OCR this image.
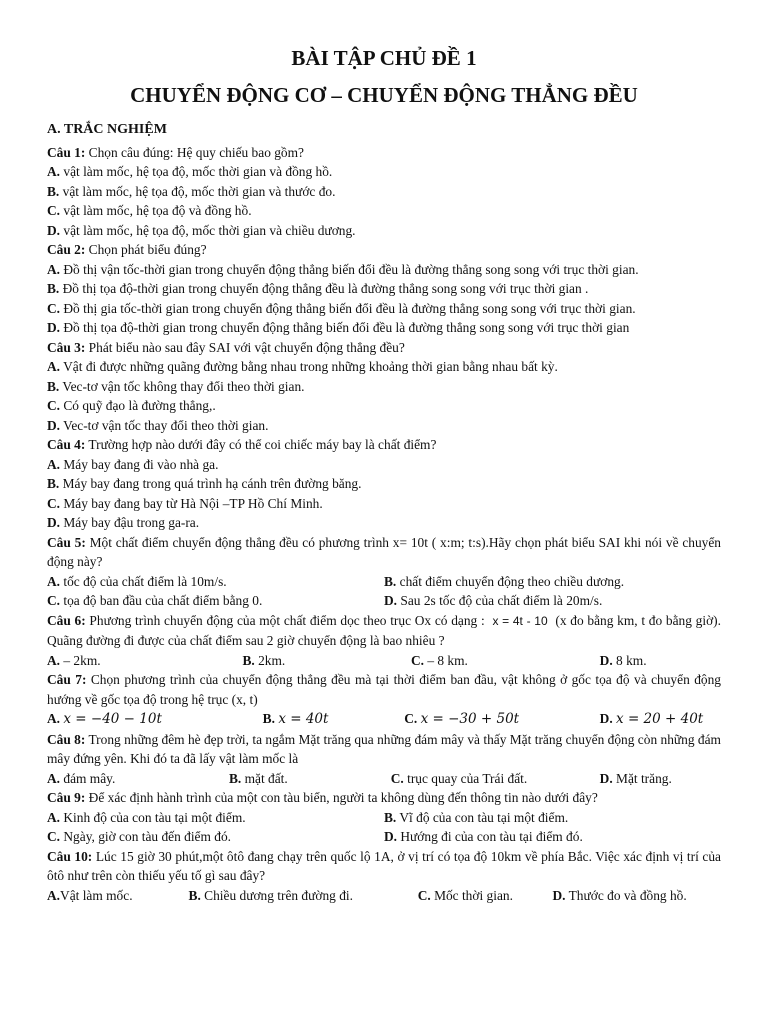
BÀI TẬP CHỦ ĐỀ 1
CHUYỂN ĐỘNG CƠ – CHUYỂN ĐỘNG THẲNG ĐỀU
A. TRẮC NGHIỆM

Câu 1: Chọn câu đúng: Hệ quy chiếu bao gồm?

A. vật làm mốc, hệ tọa độ, mốc thời gian và đồng hồ.

B. vật làm mốc, hệ tọa độ, mốc thời gian và thước đo.

C. vật làm mốc, hệ tọa độ và đồng hồ.

D. vật làm mốc, hệ tọa độ, mốc thời gian và chiều dương.

Câu 2: Chọn phát biểu đúng?

A. Đồ thị vận tốc-thời gian trong chuyển động thẳng biến đổi đều là đường thẳng song song với trục thời gian.

B. Đồ thị tọa độ-thời gian trong chuyển động thẳng đều là đường thẳng song song với trục thời gian .

C. Đồ thị gia tốc-thời gian trong chuyển động thẳng biến đổi đều là đường thẳng song song với trục thời gian.

D. Đồ thị tọa độ-thời gian trong chuyển động thẳng biến đổi đều là đường thẳng song song với trục thời gian

Câu 3: Phát biểu nào sau đây SAI với vật chuyển động thẳng đều?

A. Vật đi được những quãng đường bằng nhau trong những khoảng thời gian bằng nhau bất kỳ.

B. Vec-tơ vận tốc không thay đổi theo thời gian.

C. Có quỹ đạo là đường thẳng,.

D. Vec-tơ vận tốc thay đổi theo thời gian.

Câu 4: Trường hợp nào dưới đây có thể coi chiếc máy bay là chất điểm?

A. Máy bay đang đi vào nhà ga.

B. Máy bay đang trong quá trình hạ cánh trên đường băng.

C. Máy bay đang bay từ Hà Nội –TP Hồ Chí Minh.

D. Máy bay đậu trong ga-ra.

Câu 5: Một chất điểm chuyển động thẳng đều có phương trình x= 10t ( x:m; t:s).Hãy chọn phát biểu SAI khi nói về chuyển động này?

A. tốc độ của chất điểm là 10m/s.	B. chất điểm chuyển động theo chiều dương.
C. tọa độ ban đầu của chất điểm bằng 0.	D. Sau 2s tốc độ của chất điểm là 20m/s.

Câu 6: Phương trình chuyển động của một chất điểm dọc theo trục Ox có dạng : x = 4t - 10 (x đo bằng km, t đo bằng giờ). Quãng đường đi được của chất điểm sau 2 giờ chuyển động là bao nhiêu ?

A. – 2km.	B. 2km.	C. – 8 km.	D. 8 km.

Câu 7: Chọn phương trình của chuyển động thẳng đều mà tại thời điểm ban đầu, vật không ở gốc tọa độ và chuyển động hướng về gốc tọa độ trong hệ trục (x, t)

A. x = −40 − 10t	B. x = 40t	C. x = −30 + 50t	D. x = 20 + 40t

Câu 8: Trong những đêm hè đẹp trời, ta ngắm Mặt trăng qua những đám mây và thấy Mặt trăng chuyển động còn những đám mây đứng yên. Khi đó ta đã lấy vật làm mốc là

A. đám mây.	B. mặt đất.	C. trục quay của Trái đất.	D. Mặt trăng.

Câu 9: Để xác định hành trình của một con tàu biển, người ta không dùng đến thông tin nào dưới đây?

A. Kinh độ của con tàu tại một điểm.	B. Vĩ độ của con tàu tại một điểm.
C. Ngày, giờ con tàu đến điểm đó.	D. Hướng đi của con tàu tại điểm đó.

Câu 10: Lúc 15 giờ 30 phút,một ôtô đang chạy trên quốc lộ 1A, ở vị trí có tọa độ 10km về phía Bắc. Việc xác định vị trí của ôtô như trên còn thiếu yếu tố gì sau đây?

A.Vật làm mốc.	B. Chiều dương trên đường đi.	C. Mốc thời gian.	D. Thước đo và đồng hồ.
